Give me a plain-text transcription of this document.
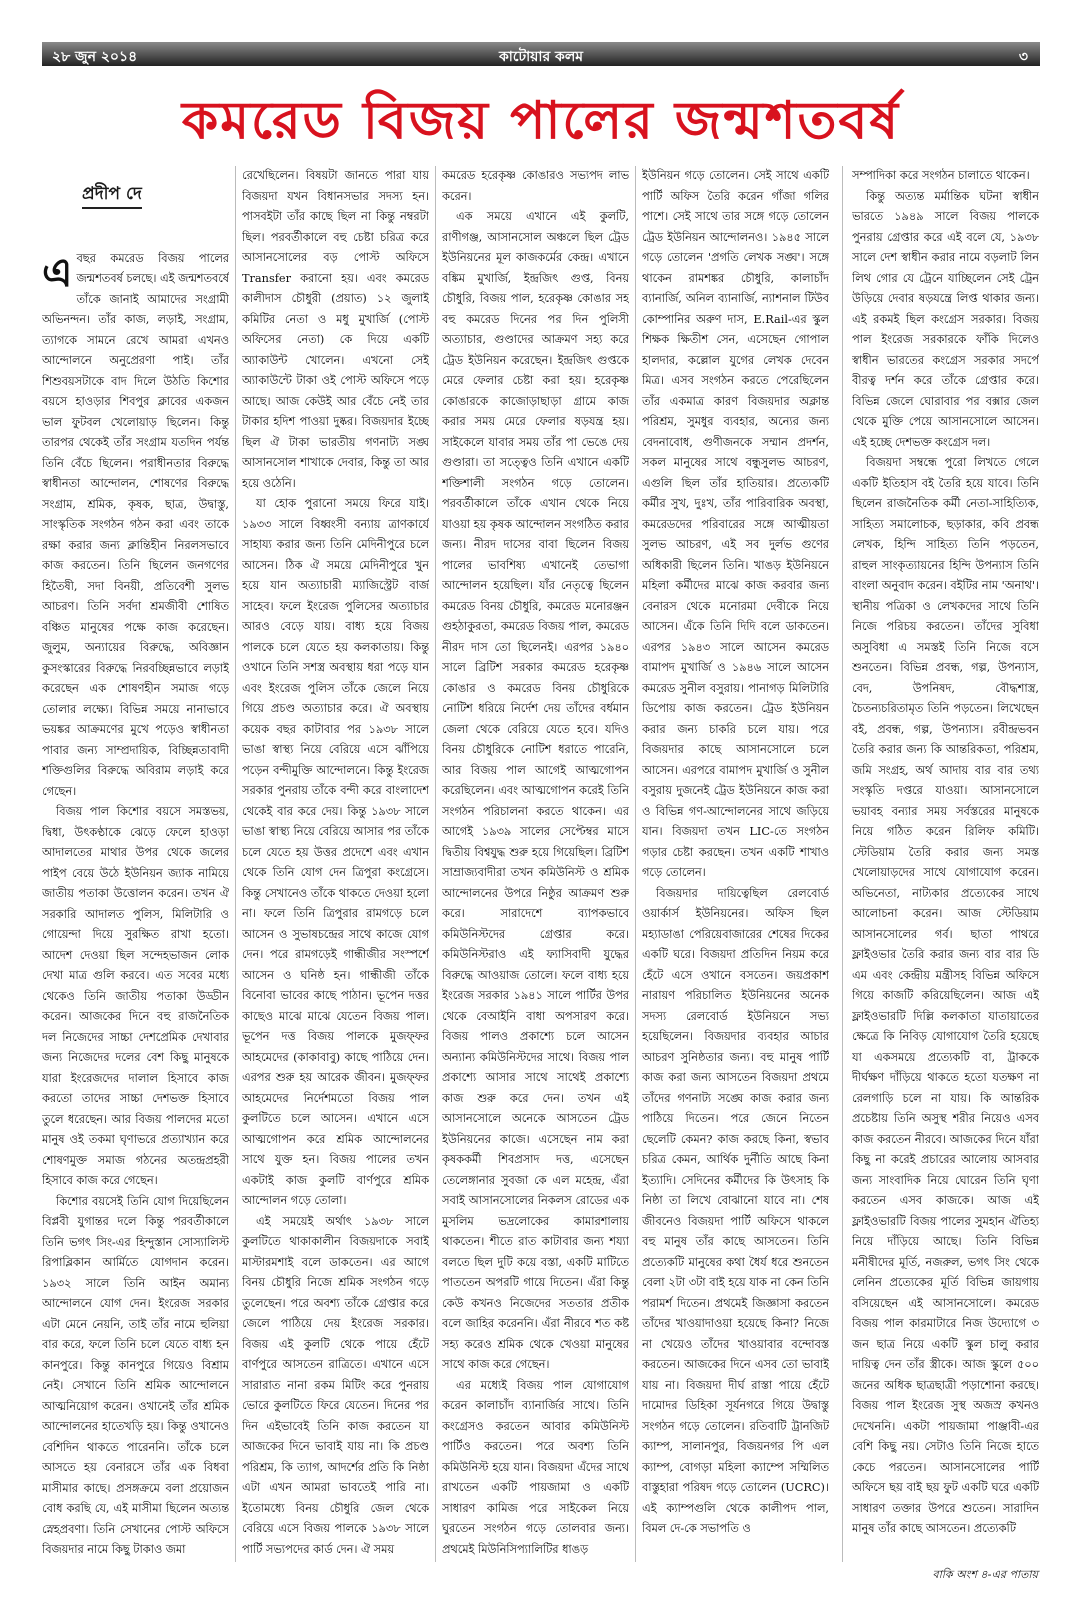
২৮ জুন ২০১৪	কাটোয়ার কলম	৩
কমরেড বিজয় পালের জন্মশতবর্ষ
প্রদীপ দে

এবছর কমরেড বিজয় পালের জন্মশতবর্ষ চলছে। এই জন্মশতবর্ষে তাঁকে জানাই আমাদের সংগ্রামী অভিনন্দন। তাঁর কাজ, লড়াই, সংগ্রাম, ত্যাগকে সামনে রেখে আমরা এখনও আন্দোলনে অনুপ্রেরণা পাই। তাঁর শিশুবয়সটাকে বাদ দিলে উঠতি কিশোর বয়সে হাওড়ার শিবপুর ক্লাবের একজন ভাল ফুটবল খেলোয়াড় ছিলেন। কিন্তু তারপর থেকেই তাঁর সংগ্রাম যতদিন পর্যন্ত তিনি বেঁচে ছিলেন। পরাধীনতার বিরুদ্ধে স্বাধীনতা আন্দোলন, শোষণের বিরুদ্ধে সংগ্রাম, শ্রমিক, কৃষক, ছাত্র, উদ্বাস্তু, সাংস্কৃতিক সংগঠন গঠন করা এবং তাকে রক্ষা করার জন্য ক্লান্তিহীন নিরলসভাবে কাজ করতেন। তিনি ছিলেন জনগণের হিতৈষী, সদা বিনয়ী, প্রতিবেশী সুলভ আচরণ। তিনি সর্বদা শ্রমজীবী শোষিত বঞ্চিত মানুষের পক্ষে কাজ করেছেন। জুলুম, অন্যায়ের বিরুদ্ধে, অবিজ্ঞান কুসংস্কারের বিরুদ্ধে নিরবচ্ছিন্নভাবে লড়াই করেছেন এক শোষণহীন সমাজ গড়ে তোলার লক্ষ্যে। বিভিন্ন সময়ে নানাভাবে ভয়ঙ্কর আক্রমণের মুখে পড়েও স্বাধীনতা পাবার জন্য সাম্প্রদায়িক, বিচ্ছিন্নতাবাদী শক্তিগুলির বিরুদ্ধে অবিরাম লড়াই করে গেছেন।

বিজয় পাল কিশোর বয়সে সমস্তভয়, দ্বিধা, উৎকণ্ঠাকে ঝেড়ে ফেলে হাওড়া আদালতের মাথার উপর থেকে জলের পাইপ বেয়ে উঠে ইউনিয়ন জ্যাক নামিয়ে জাতীয় পতাকা উত্তোলন করেন। তখন ঐ সরকারি আদালত পুলিস, মিলিটারি ও গোয়েন্দা দিয়ে সুরক্ষিত রাখা হতো। আদেশ দেওয়া ছিল সন্দেহভাজন লোক দেখা মাত্র গুলি করবে। এত সবের মধ্যে থেকেও তিনি জাতীয় পতাকা উড্ডীন করেন। আজকের দিনে বহু রাজনৈতিক দল নিজেদের সাচ্চা দেশপ্রেমিক দেখাবার জন্য নিজেদের দলের বেশ কিছু মানুষকে যারা ইংরেজদের দালাল হিসাবে কাজ করতো তাদের সাচ্চা দেশভক্ত হিসাবে তুলে ধরেছেন। আর বিজয় পালদের মতো মানুষ ওই তকমা ঘৃণাভরে প্রত্যাখ্যান করে শোষণমুক্ত সমাজ গঠনের অতন্দ্রপ্রহরী হিসাবে কাজ করে গেছেন।

কিশোর বয়সেই তিনি যোগ দিয়েছিলেন বিপ্লবী যুগান্তর দলে কিন্তু পরবর্তীকালে তিনি ভগৎ সিং-এর হিন্দুস্তান সোস্যালিস্ট রিপাব্লিকান আর্মিতে যোগদান করেন। ১৯৩২ সালে তিনি আইন অমান্য আন্দোলনে যোগ দেন। ইংরেজ সরকার এটা মেনে নেয়নি, তাই তাঁর নামে হুলিয়া বার করে, ফলে তিনি চলে যেতে বাধ্য হন কানপুরে। কিন্তু কানপুরে গিয়েও বিশ্রাম নেই। সেখানে তিনি শ্রমিক আন্দোলনে আত্মনিয়োগ করেন। ওখানেই তাঁর শ্রমিক আন্দোলনের হাতেখড়ি হয়। কিন্তু ওখানেও বেশিদিন থাকতে পারেননি। তাঁকে চলে আসতে হয় বেনারসে তাঁর এক বিধবা মাসীমার কাছে। প্রসঙ্গক্রমে বলা প্রয়োজন বোধ করছি যে, এই মাসীমা ছিলেন অত্যন্ত স্নেহপ্রবণা। তিনি সেখানের পোস্ট অফিসে বিজয়দার নামে কিছু টাকাও জমা

রেখেছিলেন। বিষয়টা জানতে পারা যায় বিজয়দা যখন বিধানসভার সদস্য হন। পাসবইটা তাঁর কাছে ছিল না কিন্তু নম্বরটা ছিল। পরবর্তীকালে বহু চেষ্টা চরিত্র করে আসানসোলের বড় পোস্ট অফিসে Transfer করানো হয়। এবং কমরেড কালীদাস চৌধুরী (প্রয়াত) ১২ জুলাই কমিটির নেতা ও মধু মুখার্জি (পোস্ট অফিসের নেতা) কে দিয়ে একটি অ্যাকাউন্ট খোলেন। এখনো সেই অ্যাকাউন্টে টাকা ওই পোস্ট অফিসে পড়ে আছে। আজ কেউই আর বেঁচে নেই তার টাকার হদিশ পাওয়া দুষ্কর। বিজয়দার ইচ্ছে ছিল ঐ টাকা ভারতীয় গণনাট্য সঙ্ঘ আসানসোল শাখাকে দেবার, কিন্তু তা আর হয়ে ওঠেনি।

যা হোক পুরানো সময়ে ফিরে যাই। ১৯৩৩ সালে বিধ্বংসী বন্যায় ত্রাণকার্যে সাহায্য করার জন্য তিনি মেদিনীপুরে চলে আসেন। ঠিক ঐ সময়ে মেদিনীপুরে খুন হয়ে যান অত্যাচারী ম্যাজিস্ট্রেট বার্জ সাহেব। ফলে ইংরেজ পুলিসের অত্যাচার আরও বেড়ে যায়। বাধ্য হয়ে বিজয় পালকে চলে যেতে হয় কলকাতায়। কিন্তু ওখানে তিনি সশস্ত্র অবস্থায় ধরা পড়ে যান এবং ইংরেজ পুলিস তাঁকে জেলে নিয়ে গিয়ে প্রচণ্ড অত্যাচার করে। ঐ অবস্থায় কয়েক বছর কাটাবার পর ১৯৩৮ সালে ভাঙা স্বাস্থ্য নিয়ে বেরিয়ে এসে ঝাঁপিয়ে পড়েন বন্দীমুক্তি আন্দোলনে। কিন্তু ইংরেজ সরকার পুনরায় তাঁকে বন্দী করে বাংলাদেশ থেকেই বার করে দেয়। কিন্তু ১৯৩৮ সালে ভাঙা স্বাস্থ্য নিয়ে বেরিয়ে আসার পর তাঁকে চলে যেতে হয় উত্তর প্রদেশে এবং এখান থেকে তিনি যোগ দেন ত্রিপুরা কংগ্রেসে। কিন্তু সেখানেও তাঁকে থাকতে দেওয়া হলো না। ফলে তিনি ত্রিপুরার রামগড়ে চলে আসেন ও সুভাষচন্দ্রের সাথে কাজে যোগ দেন। পরে রামগড়েই গান্ধীজীর সংস্পর্শে আসেন ও ঘনিষ্ঠ হন। গান্ধীজী তাঁকে বিনোবা ভাবের কাছে পাঠান। ভূপেন দত্তর কাছেও মাঝে মাঝে যেতেন বিজয় পাল। ভূপেন দত্ত বিজয় পালকে মুজফ্ফর আহমেদের (কাকাবাবু) কাছে পাঠিয়ে দেন। এরপর শুরু হয় আরেক জীবন। মুজফ্ফর আহমেদের নির্দেশমতো বিজয় পাল কুলটিতে চলে আসেন। এখানে এসে আত্মগোপন করে শ্রমিক আন্দোলনের সাথে যুক্ত হন। বিজয় পালের তখন একটাই কাজ কুলটি বার্ণপুরে শ্রমিক আন্দোলন গড়ে তোলা।

এই সময়েই অর্থাৎ ১৯৩৮ সালে কুলটিতে থাকাকালীন বিজয়দাকে সবাই মাস্টারমশাই বলে ডাকতেন। এর আগে বিনয় চৌধুরি নিজে শ্রমিক সংগঠন গড়ে তুলেছেন। পরে অবশ্য তাঁকে গ্রেপ্তার করে জেলে পাঠিয়ে দেয় ইংরেজ সরকার। বিজয় এই কুলটি থেকে পায়ে হেঁটে বার্ণপুরে আসতেন রাত্রিতে। এখানে এসে সারারাত নানা রকম মিটিং করে পুনরায় ভোরে কুলটিতে ফিরে যেতেন। দিনের পর দিন এইভাবেই তিনি কাজ করতেন যা আজকের দিনে ভাবাই যায় না। কি প্রচণ্ড পরিশ্রম, কি ত্যাগ, আদর্শের প্রতি কি নিষ্ঠা এটা এখন আমরা ভাবতেই পারি না। ইতোমধ্যে বিনয় চৌধুরি জেল থেকে বেরিয়ে এসে বিজয় পালকে ১৯৩৮ সালে পার্টি সভ্যপদের কার্ড দেন। ঐ সময়

কমরেড হরেকৃষ্ণ কোঙারও সভ্যপদ লাভ করেন।

এক সময়ে এখানে এই কুলটি, রাণীগঞ্জ, আসানসোল অঞ্চলে ছিল ট্রেড ইউনিয়নের মূল কাজকর্মের কেন্দ্র। এখানে বঙ্কিম মুখার্জি, ইন্দ্রজিৎ গুপ্ত, বিনয় চৌধুরি, বিজয় পাল, হরেকৃষ্ণ কোঙার সহ বহু কমরেড দিনের পর দিন পুলিসী অত্যাচার, গুণ্ডাদের আক্রমণ সহ্য করে ট্রেড ইউনিয়ন করেছেন। ইন্দ্রজিৎ গুপ্তকে মেরে ফেলার চেষ্টা করা হয়। হরেকৃষ্ণ কোঙারকে কাজোড়াছাড়া গ্রামে কাজ করার সময় মেরে ফেলার ষড়যন্ত্র হয়। সাইকেলে যাবার সময় তাঁর পা ভেঙে দেয় গুণ্ডারা। তা সত্ত্বেও তিনি এখানে একটি শক্তিশালী সংগঠন গড়ে তোলেন। পরবর্তীকালে তাঁকে এখান থেকে নিয়ে যাওয়া হয় কৃষক আন্দোলন সংগঠিত করার জন্য। নীরদ দাসের বাবা ছিলেন বিজয় পালের ভাবশিষ্য এখানেই তেভাগা আন্দোলন হয়েছিল। যাঁর নেতৃত্বে ছিলেন কমরেড বিনয় চৌধুরি, কমরেড মনোরঞ্জন গুহঠাকুরতা, কমরেড বিজয় পাল, কমরেড নীরদ দাস তো ছিলেনই। এরপর ১৯৪০ সালে ব্রিটিশ সরকার কমরেড হরেকৃষ্ণ কোঙার ও কমরেড বিনয় চৌধুরিকে নোটিশ ধরিয়ে নির্দেশ দেয় তাঁদের বর্ধমান জেলা থেকে বেরিয়ে যেতে হবে। যদিও বিনয় চৌধুরিকে নোটিশ ধরাতে পারেনি, আর বিজয় পাল আগেই আত্মগোপন করেছিলেন। এবং আত্মগোপন করেই তিনি সংগঠন পরিচালনা করতে থাকেন। এর আগেই ১৯৩৯ সালের সেপ্টেম্বর মাসে দ্বিতীয় বিশ্বযুদ্ধ শুরু হয়ে গিয়েছিল। ব্রিটিশ সাম্রাজ্যবাদীরা তখন কমিউনিস্ট ও শ্রমিক আন্দোলনের উপরে নিষ্ঠুর আক্রমণ শুরু করে। সারাদেশে ব্যাপকভাবে কমিউনিস্টদের গ্রেপ্তার করে। কমিউনিস্টরাও এই ফ্যাসিবাদী যুদ্ধের বিরুদ্ধে আওয়াজ তোলে। ফলে বাধ্য হয়ে ইংরেজ সরকার ১৯৪১ সালে পার্টির উপর থেকে বেআইনি বাধা অপসারণ করে। বিজয় পালও প্রকাশ্যে চলে আসেন অন্যান্য কমিউনিস্টদের সাথে। বিজয় পাল প্রকাশ্যে আসার সাথে সাথেই প্রকাশ্যে কাজ শুরু করে দেন। তখন এই আসানসোলে অনেকে আসতেন ট্রেড ইউনিয়নের কাজে। এসেছেন নাম করা কৃষককর্মী শিবপ্রসাদ দত্ত, এসেছেন তেলেঙ্গানার সুবজা কে এল মহেন্দ্র, এঁরা সবাই আসানসোলের নিকলস রোডের এক মুসলিম ভদ্রলোকের কামারশালায় থাকতেন। শীতে রাত কাটাবার জন্য শয্যা বলতে ছিল দুটি কয়ে বস্তা, একটি মাটিতে পাততেন অপরটি গায়ে দিতেন। এঁরা কিন্তু কেউ কখনও নিজেদের সততার প্রতীক বলে জাহির করেননি। এঁরা নীরবে শত কষ্ট সহ্য করেও শ্রমিক থেকে খেওয়া মানুষের সাথে কাজ করে গেছেন।

এর মধ্যেই বিজয় পাল যোগাযোগ করেন কালাচাঁদ ব্যানার্জির সাথে। তিনি কংগ্রেসও করতেন আবার কমিউনিস্ট পার্টিও করতেন। পরে অবশ্য তিনি কমিউনিস্ট হয়ে যান। বিজয়দা এঁদের সাথে রাখতেন একটি পায়জামা ও একটি সাধারণ কামিজ পরে সাইকেল নিয়ে ঘুরতেন সংগঠন গড়ে তোলবার জন্য। প্রথমেই মিউনিসিপ্যালিটির ধাঙড়

ইউনিয়ন গড়ে তোলেন। সেই সাথে একটি পার্টি অফিস তৈরি করেন গাঁজা গলির পাশে। সেই সাথে তার সঙ্গে গড়ে তোলেন ট্রেড ইউনিয়ন আন্দোলনও। ১৯৪৫ সালে গড়ে তোলেন 'প্রগতি লেখক সঙ্ঘ'। সঙ্গে থাকেন রামশঙ্কর চৌধুরি, কালাচাঁদ ব্যানার্জি, অনিল ব্যানার্জি, ন্যাশনাল টিউব কোম্পানির অরুণ দাস, E.Rail-এর স্কুল শিক্ষক ক্ষিতীশ সেন, এসেছেন গোপাল হালদার, কল্লোল যুগের লেখক দেবেন মিত্র। এসব সংগঠন করতে পেরেছিলেন তাঁর একমাত্র কারণ বিজয়দার অক্লান্ত পরিশ্রম, সুমধুর ব্যবহার, অন্যের জন্য বেদনাবোধ, গুণীজনকে সম্মান প্রদর্শন, সকল মানুষের সাথে বন্ধুসুলভ আচরণ, এগুলি ছিল তাঁর হাতিয়ার। প্রত্যেকটি কর্মীর সুখ, দুঃখ, তাঁর পারিবারিক অবস্থা, কমরেডদের পরিবারের সঙ্গে আত্মীয়তা সুলভ আচরণ, এই সব দুর্লভ গুণের অধিকারী ছিলেন তিনি। খাঙড় ইউনিয়নে মহিলা কর্মীদের মাঝে কাজ করবার জন্য বেনারস থেকে মনোরমা দেবীকে নিয়ে আসেন। এঁকে তিনি দিদি বলে ডাকতেন। এরপর ১৯৪৩ সালে আসেন কমরেড বামাপদ মুখার্জি ও ১৯৪৬ সালে আসেন কমরেড সুনীল বসুরায়। পানাগড় মিলিটারি ডিপোয় কাজ করতেন। ট্রেড ইউনিয়ন করার জন্য চাকরি চলে যায়। পরে বিজয়দার কাছে আসানসোলে চলে আসেন। এরপরে বামাপদ মুখার্জি ও সুনীল বসুরায় দুজনেই ট্রেড ইউনিয়নে কাজ করা ও বিভিন্ন গণ-আন্দোলনের সাথে জড়িয়ে যান। বিজয়দা তখন LIC-তে সংগঠন গড়ার চেষ্টা করছেন। তখন একটি শাখাও গড়ে তোলেন।

বিজয়দার দায়িত্বেছিল রেলবোর্ড ওয়ার্কার্স ইউনিয়নের। অফিস ছিল মহ্যাডাঙা পেরিয়েবাজারের শেষের দিকের একটি ঘরে। বিজয়দা প্রতিদিন নিয়ম করে হেঁটে এসে ওখানে বসতেন। জয়প্রকাশ নারায়ণ পরিচালিত ইউনিয়নের অনেক সদস্য রেলবোর্ড ইউনিয়নে সভ্য হয়েছিলেন। বিজয়দার ব্যবহার আচার আচরণ সুনিষ্ঠতার জন্য। বহু মানুষ পার্টি কাজ করা জন্য আসতেন বিজয়দা প্রথমে তাঁদের গণনাট্য সঙ্ঘে কাজ করার জন্য পাঠিয়ে দিতেন। পরে জেনে নিতেন ছেলেটি কেমন? কাজ করছে কিনা, স্বভাব চরিত্র কেমন, আর্থিক দুর্নীতি আছে কিনা ইত্যাদি। সেদিনের কর্মীদের কি উৎসাহ কি নিষ্ঠা তা লিখে বোঝানো যাবে না। শেষ জীবনেও বিজয়দা পার্টি অফিসে থাকলে বহু মানুষ তাঁর কাছে আসতেন। তিনি প্রত্যেকটি মানুষের কথা ধৈর্য ধরে শুনতেন বেলা ২টা ৩টা বাই হয়ে যাক না কেন তিনি পরামর্শ দিতেন। প্রথমেই জিজ্ঞাসা করতেন তাঁদের খাওয়াদাওয়া হয়েছে কিনা? নিজে না খেয়েও তাঁদের খাওয়াবার বন্দোবস্ত করতেন। আজকের দিনে এসব তো ভাবাই যায় না। বিজয়দা দীর্ঘ রাস্তা পায়ে হেঁটে দামোদর ডিহিকা সূর্যনগরে গিয়ে উদ্বাস্তু সংগঠন গড়ে তোলেন। রতিবাটি ট্রানজিট ক্যাম্প, সালানপুর, বিজয়নগর পি এল ক্যাম্প, বোগড়া মহিলা ক্যাম্পে সম্মিলিত বাস্তুহারা পরিষদ গড়ে তোলেন (UCRC)। এই ক্যাম্পগুলি থেকে কালীপদ পাল, বিমল দে-কে সভাপতি ও

সম্পাদিকা করে সংগঠন চালাতে থাকেন।

কিন্তু অত্যন্ত মর্মান্তিক ঘটনা স্বাধীন ভারতে ১৯৪৯ সালে বিজয় পালকে পুনরায় গ্রেপ্তার করে এই বলে যে, ১৯৩৮ সালে দেশ স্বাধীন করার নামে বড়লাট লিন লিথ গোর যে ট্রেনে যাচ্ছিলেন সেই ট্রেন উড়িয়ে দেবার ষড়যন্ত্রে লিপ্ত থাকার জন্য। এই রকমই ছিল কংগ্রেস সরকার। বিজয় পাল ইংরেজ সরকারকে ফাঁকি দিলেও স্বাধীন ভারতের কংগ্রেস সরকার সদর্পে বীরত্ব দর্শন করে তাঁকে গ্রেপ্তার করে। বিভিন্ন জেলে ঘোরাবার পর বক্সার জেল থেকে মুক্তি পেয়ে আসানসোলে আসেন। এই হচ্ছে দেশভক্ত কংগ্রেস দল।

বিজয়দা সম্বন্ধে পুরো লিখতে গেলে একটি ইতিহাস বই তৈরি হয়ে যাবে। তিনি ছিলেন রাজনৈতিক কর্মী নেতা-সাহিত্যিক, সাহিত্য সমালোচক, ছড়াকার, কবি প্রবন্ধ লেখক, হিন্দি সাহিত্য তিনি পড়তেন, রাহুল সাংকৃত্যায়নের হিন্দি উপন্যাস তিনি বাংলা অনুবাদ করেন। বইটির নাম 'অনাথ'। স্থানীয় পত্রিকা ও লেখকদের সাথে তিনি নিজে পরিচয় করতেন। তাঁদের সুবিধা অসুবিধা এ সমস্তই তিনি নিজে বসে শুনতেন। বিভিন্ন প্রবন্ধ, গল্প, উপন্যাস, বেদ, উপনিষদ, বৌদ্ধশাস্ত্র, চৈতন্যচরিতামৃত তিনি পড়তেন। লিখেছেন বই, প্রবন্ধ, গল্প, উপন্যাস। রবীন্দ্রভবন তৈরি করার জন্য কি আন্তরিকতা, পরিশ্রম, জমি সংগ্রহ, অর্থ আদায় বার বার তথ্য সংস্কৃতি দপ্তরে যাওয়া। আসানসোলে ভয়াবহ বন্যার সময় সর্বস্তরের মানুষকে নিয়ে গঠিত করেন রিলিফ কমিটি। স্টেডিয়াম তৈরি করার জন্য সমস্ত খেলোয়াড়দের সাথে যোগাযোগ করেন। অভিনেতা, নাট্যকার প্রত্যেকের সাথে আলোচনা করেন। আজ স্টেডিয়াম আসানসোলের গর্ব। ছাতা পাথরে ফ্লাইওভার তৈরি করার জন্য বার বার ডি এম এবং কেন্দ্রীয় মন্ত্রীসহ বিভিন্ন অফিসে গিয়ে কাজটি করিয়েছিলেন। আজ এই ফ্লাইওভারটি দিল্লি কলকাতা যাতায়াতের ক্ষেত্রে কি নিবিড় যোগাযোগ তৈরি হয়েছে যা একসময়ে প্রত্যেকটি বা, ট্রাককে দীর্ঘক্ষণ দাঁড়িয়ে থাকতে হতো যতক্ষণ না রেলগাড়ি চলে না যায়। কি আন্তরিক প্রচেষ্টায় তিনি অসুস্থ শরীর নিয়েও এসব কাজ করতেন নীরবে। আজকের দিনে যাঁরা কিছু না করেই প্রচারের আলোয় আসবার জন্য সাংবাদিক নিয়ে ঘোরেন তিনি ঘৃণা করতেন এসব কাজকে। আজ এই ফ্লাইওভারটি বিজয় পালের সুমহান ঐতিহ্য নিয়ে দাঁড়িয়ে আছে। তিনি বিভিন্ন মনীষীদের মূর্তি, নজরুল, ভগৎ সিং থেকে লেনিন প্রত্যেকের মূর্তি বিভিন্ন জায়গায় বসিয়েছেন এই আসানসোলে। কমরেড বিজয় পাল কারমাটারে নিজ উদ্যোগে ৩ জন ছাত্র নিয়ে একটি স্কুল চালু করার দায়িত্ব দেন তাঁর স্ত্রীকে। আজ স্কুলে ৫০০ জনের অধিক ছাত্রছাত্রী পড়াশোনা করছে। বিজয় পাল ইংরেজ সুস্থ অজস্র কখনও দেখেননি। একটা পায়জামা পাঞ্জাবী-এর বেশি কিছু নয়। সেটাও তিনি নিজে হাতে কেচে পরতেন। আসানসোলের পার্টি অফিসে ছয় বাই ছয় ফুট একটি ঘরে একটি সাধারণ তক্তার উপরে শুতেন। সারাদিন মানুষ তাঁর কাছে আসতেন। প্রত্যেকটি

বাকি অংশ ৪-এর পাতায়
